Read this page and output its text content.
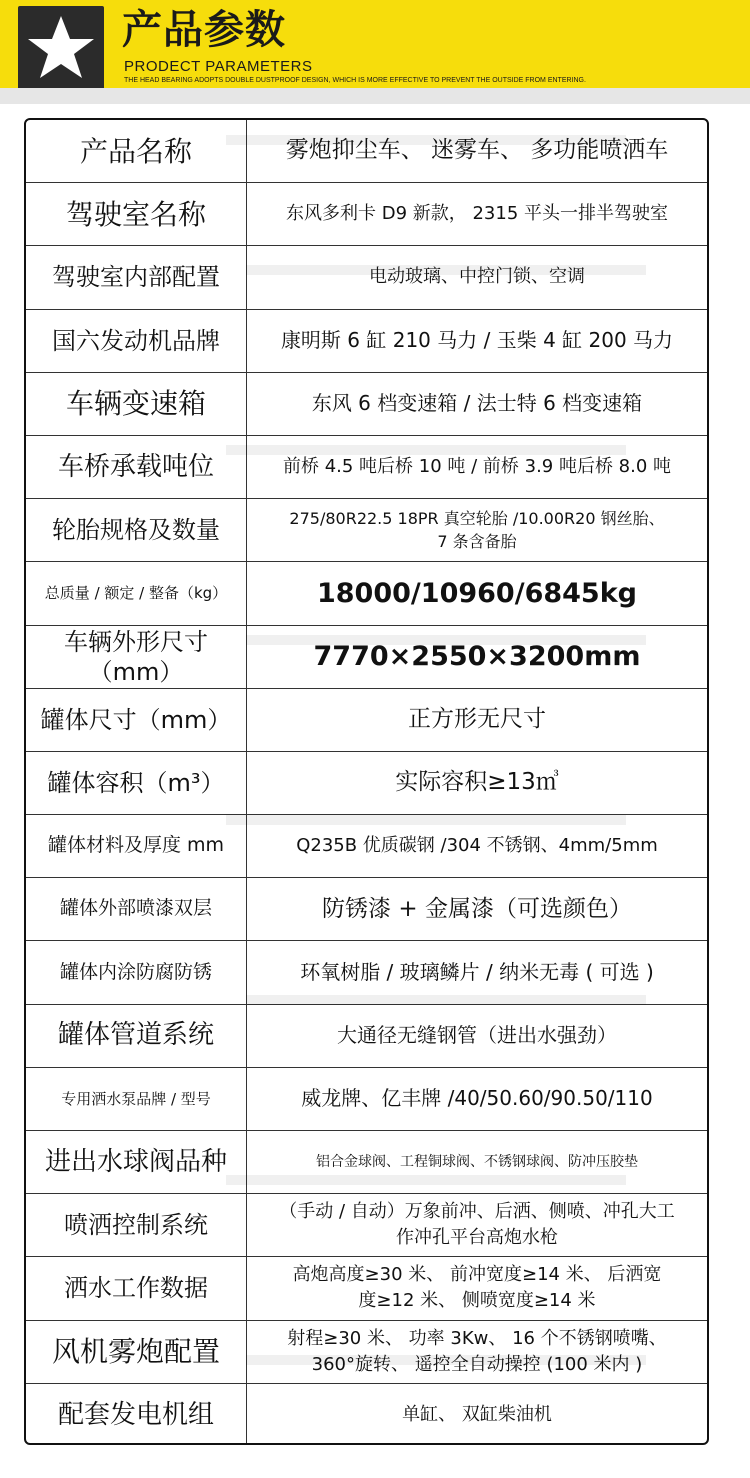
产品参数
PRODECT PARAMETERS
THE HEAD BEARING ADOPTS DOUBLE DUSTPROOF DESIGN, WHICH IS MORE EFFECTIVE TO PREVENT THE OUTSIDE FROM ENTERING.
产品名称	雾炮抑尘车、 迷雾车、 多功能喷洒车
驾驶室名称	东风多利卡 D9 新款， 2315 平头一排半驾驶室
驾驶室内部配置	电动玻璃、中控门锁、空调
国六发动机品牌	康明斯 6 缸 210 马力 / 玉柴 4 缸 200 马力
车辆变速箱	东风 6 档变速箱 / 法士特 6 档变速箱
车桥承载吨位	前桥 4.5 吨后桥 10 吨 / 前桥 3.9 吨后桥 8.0 吨
轮胎规格及数量	275/80R22.5 18PR 真空轮胎 /10.00R20 钢丝胎、
7 条含备胎
总质量 / 额定 / 整备（kg）	18000/10960/6845kg
车辆外形尺寸（mm）	7770×2550×3200mm
罐体尺寸（mm）	正方形无尺寸
罐体容积（m³）	实际容积≥13㎥
罐体材料及厚度 mm	Q235B 优质碳钢 /304 不锈钢、4mm/5mm
罐体外部喷漆双层	防锈漆 + 金属漆（可选颜色）
罐体内涂防腐防锈	环氧树脂 / 玻璃鳞片 / 纳米无毒 ( 可选 )
罐体管道系统	大通径无缝钢管（进出水强劲）
专用洒水泵品牌 / 型号	威龙牌、亿丰牌 /40/50.60/90.50/110
进出水球阀品种	铝合金球阀、工程铜球阀、不锈钢球阀、防冲压胶垫
喷洒控制系统	（手动 / 自动）万象前冲、后洒、侧喷、冲孔大工
作冲孔平台高炮水枪
洒水工作数据	高炮高度≥30 米、 前冲宽度≥14 米、 后洒宽
度≥12 米、 侧喷宽度≥14 米
风机雾炮配置	射程≥30 米、 功率 3Kw、 16 个不锈钢喷嘴、
360°旋转、 遥控全自动操控 (100 米内 )
配套发电机组	单缸、 双缸柴油机
